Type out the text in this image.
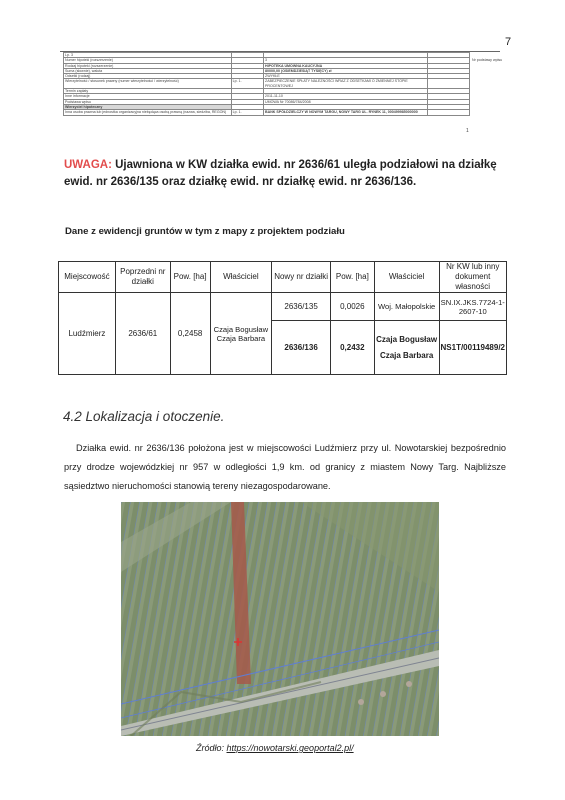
7
Lp. 3			
Numer hipoteki (rozszerzenie)		3	
Rodzaj hipoteki (rozszerzenie)		HIPOTEKA UMOWNA KAUCYJNA	
Suma (słownie), waluta		80000,00 (OSIEMDZIESIĄT TYSIĘCY) zł	
Odsetki (rodzaj)		ZWYKŁE	
Wierzytelność / stosunek prawny (numer wierzytelności / wierzytelność)	Lp. 1.	ZABEZPIECZENIE SPŁATY NALEŻNOŚCI WRAZ Z ODSETKAMI O ZMIENNEJ STOPIE PROCENTOWEJ	
Termin zapłaty			
Inne informacje		2011-11-10	
Podstawa wpisu		UMOWA Nr 70086/784/2008	
Wierzyciel hipoteczny			
Inna osoba prawna lub jednostka organizacyjna niebędąca osobą prawną (nazwa, siedziba, REGON)	Lp. 1.	BANK SPÓŁDZIELCZY W NOWYM TARGU, NOWY TARG UL. RYNEK 11, 000499985000000	
Nr podstawy wpisu
1
UWAGA: Ujawniona w KW działka ewid. nr 2636/61 uległa podziałowi na działkę ewid. nr 2636/135 oraz działkę ewid. nr działkę ewid. nr 2636/136.
Dane z ewidencji gruntów w tym z mapy z projektem podziału
Miejscowość	Poprzedni nr działki	Pow. [ha]	Właściciel	Nowy nr działki	Pow. [ha]	Właściciel	Nr KW lub inny dokument własności
Ludźmierz	2636/61	0,2458	Czaja Bogusław Czaja Barbara	2636/135	0,0026	Woj. Małopolskie	SN.IX.JKS.7724-1-2607-10
				2636/136	0,2432	Czaja Bogusław Czaja Barbara	NS1T/00119489/2
4.2 Lokalizacja i otoczenie.
Działka ewid. nr 2636/136 położona jest w miejscowości Ludźmierz przy ul. Nowotarskiej bezpośrednio przy drodze wojewódzkiej nr 957 w odległości 1,9 km. od granicy z miastem Nowy Targ. Najbliższe sąsiedztwo nieruchomości stanowią tereny niezagospodarowane.
Źródło: https://nowotarski.geoportal2.pl/
